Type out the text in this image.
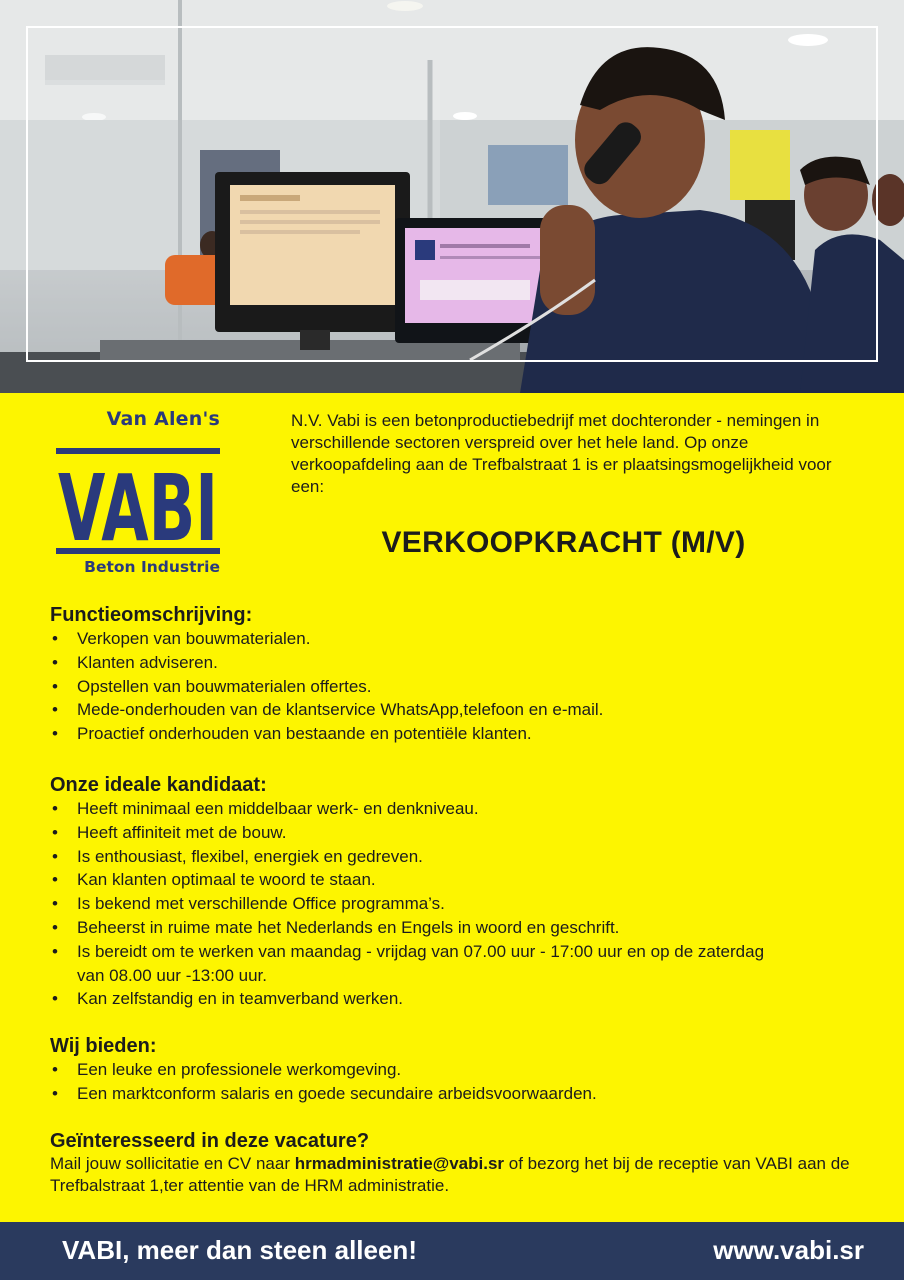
Van Alen's
VABI
Beton Industrie

N.V. Vabi is een betonproductiebedrijf met dochteronder - nemingen in verschillende sectoren verspreid over het hele land. Op onze verkoopafdeling aan de Trefbalstraat 1 is er plaatsingsmogelijkheid voor een:

VERKOOPKRACHT (M/V)
Functieomschrijving:
• Verkopen van bouwmaterialen.
• Klanten adviseren.
• Opstellen van bouwmaterialen offertes.
• Mede-onderhouden van de klantservice WhatsApp,telefoon en e-mail.
• Proactief onderhouden van bestaande en potentiële klanten.
Onze ideale kandidaat:
• Heeft minimaal een middelbaar werk- en denkniveau.
• Heeft affiniteit met de bouw.
• Is enthousiast, flexibel, energiek en gedreven.
• Kan klanten optimaal te woord te staan.
• Is bekend met verschillende Office programma’s.
• Beheerst in ruime mate het Nederlands en Engels in woord en geschrift.
• Is bereidt om te werken van maandag - vrijdag van 07.00 uur - 17:00 uur en op de zaterdag van 08.00 uur -13:00 uur.
• Kan zelfstandig en in teamverband werken.
Wij bieden:
• Een leuke en professionele werkomgeving.
• Een marktconform salaris en goede secundaire arbeidsvoorwaarden.
Geïnteresseerd in deze vacature?

Mail jouw sollicitatie en CV naar hrmadministratie@vabi.sr of bezorg het bij de receptie van VABI aan de Trefbalstraat 1,ter attentie van de HRM administratie.

VABI, meer dan steen alleen!	www.vabi.sr
